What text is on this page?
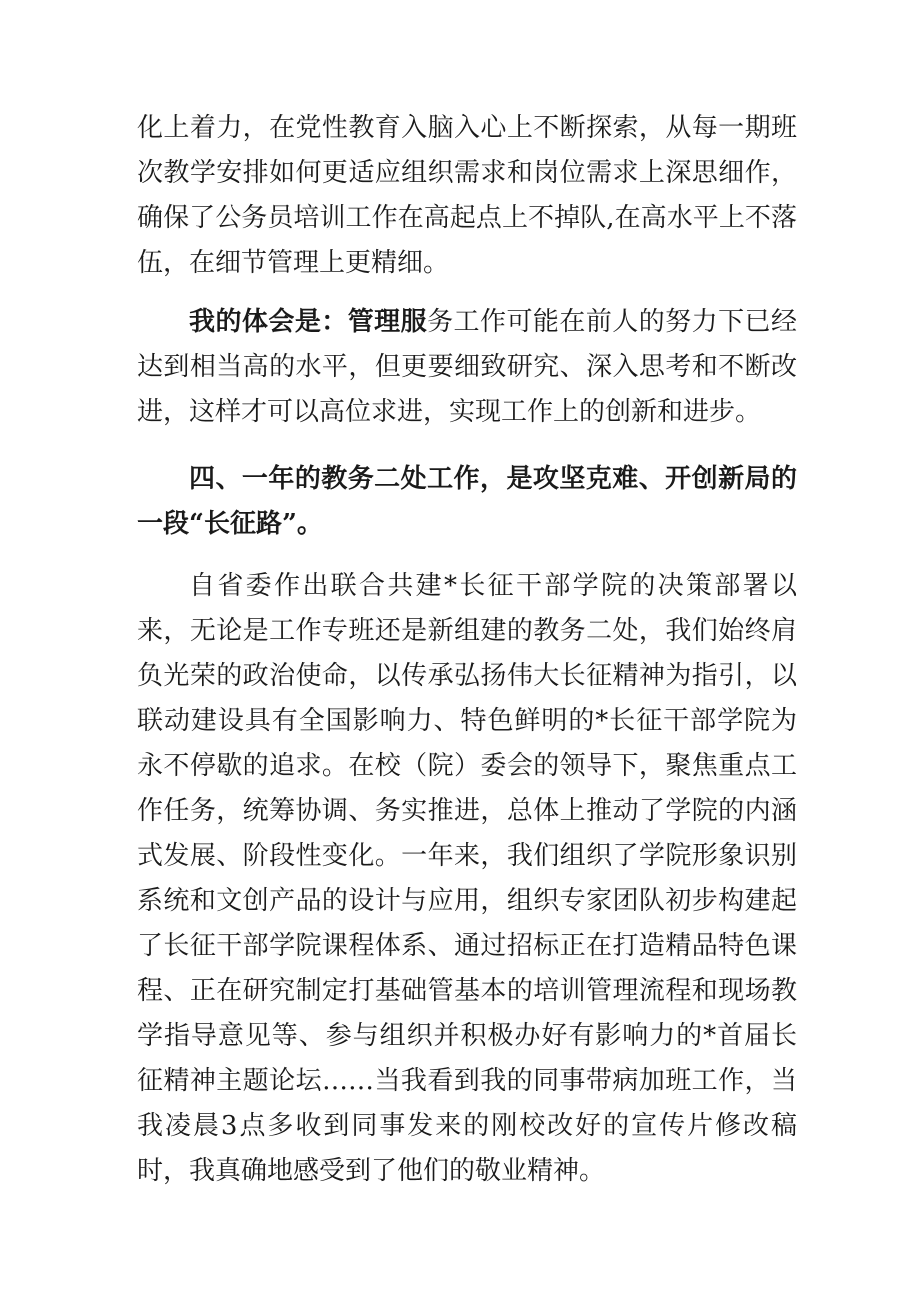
化上着力，在党性教育入脑入心上不断探索，从每一期班次教学安排如何更适应组织需求和岗位需求上深思细作，确保了公务员培训工作在高起点上不掉队,在高水平上不落伍，在细节管理上更精细。

我的体会是：管理服务工作可能在前人的努力下已经达到相当高的水平，但更要细致研究、深入思考和不断改进，这样才可以高位求进，实现工作上的创新和进步。

四、一年的教务二处工作，是攻坚克难、开创新局的一段“长征路”。

自省委作出联合共建*长征干部学院的决策部署以来，无论是工作专班还是新组建的教务二处，我们始终肩负光荣的政治使命，以传承弘扬伟大长征精神为指引，以联动建设具有全国影响力、特色鲜明的*长征干部学院为永不停歇的追求。在校（院）委会的领导下，聚焦重点工作任务，统筹协调、务实推进，总体上推动了学院的内涵式发展、阶段性变化。一年来，我们组织了学院形象识别系统和文创产品的设计与应用，组织专家团队初步构建起了长征干部学院课程体系、通过招标正在打造精品特色课程、正在研究制定打基础管基本的培训管理流程和现场教学指导意见等、参与组织并积极办好有影响力的*首届长征精神主题论坛……当我看到我的同事带病加班工作，当我凌晨3点多收到同事发来的刚校改好的宣传片修改稿时，我真确地感受到了他们的敬业精神。
